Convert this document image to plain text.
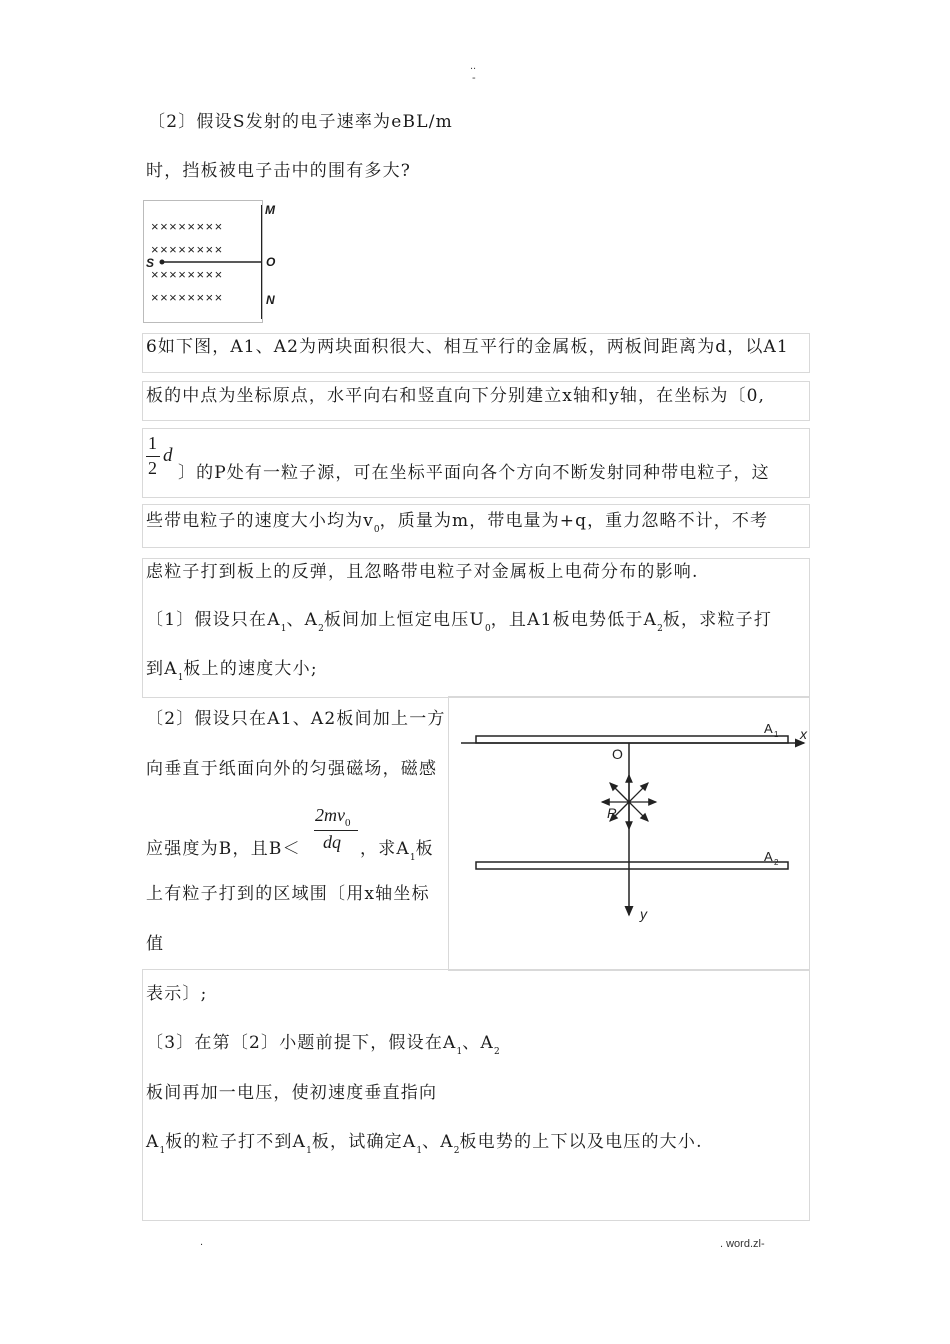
..
-
〔2〕假设S发射的电子速率为eBL/m
时，挡板被电子击中的围有多大?
××××××××
××××××××
××××××××
××××××××
S
M
O
N
6如下图，A1、A2为两块面积很大、相互平行的金属板，两板间距离为d，以A1
板的中点为坐标原点，水平向右和竖直向下分别建立x轴和y轴，在坐标为〔0,
1
2
d
〕的P处有一粒子源，可在坐标平面向各个方向不断发射同种带电粒子，这
些带电粒子的速度大小均为$v_0$，质量为m，带电量为+q，重力忽略不计，不考
虑粒子打到板上的反弹，且忽略带电粒子对金属板上电荷分布的影响.
〔1〕假设只在$A_1$、$A_2$板间加上恒定电压$U_0$，且A1板电势低于$A_2$板，求粒子打
到$A_1$板上的速度大小;
〔2〕假设只在A1、A2板间加上一方
向垂直于纸面向外的匀强磁场，磁感
$2mv_0$
dq
应强度为B，且B＜	，求$A_1$板
上有粒子打到的区域围〔用x轴坐标
值
O
P
A 1
A 2
x
y
表示〕;
〔3〕在第〔2〕小题前提下，假设在$A_1$、$A_2$
板间再加一电压，使初速度垂直指向
$A_1$板的粒子打不到$A_1$板，试确定$A_1$、$A_2$板电势的上下以及电压的大小.
.	. word.zl-
